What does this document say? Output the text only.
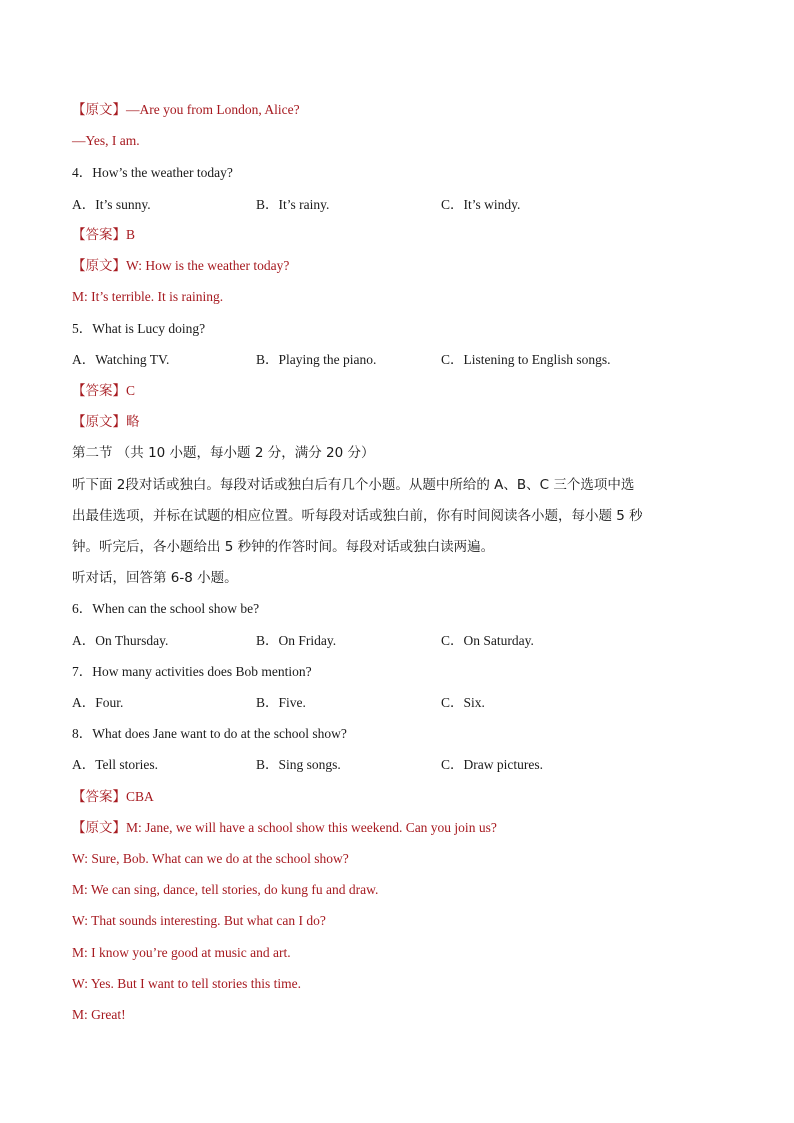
【原文】—Are you from London, Alice?
—Yes, I am.
4．How’s the weather today?
A．It’s sunny.	B．It’s rainy.	C．It’s windy.
【答案】B
【原文】W: How is the weather today?
M: It’s terrible. It is raining.
5．What is Lucy doing?
A．Watching TV.	B．Playing the piano.	C．Listening to English songs.
【答案】C
【原文】略
第二节 （共 10 小题，每小题 2 分，满分 20 分）
听下面 2段对话或独白。每段对话或独白后有几个小题。从题中所给的 A、B、C 三个选项中选
出最佳选项，并标在试题的相应位置。听每段对话或独白前，你有时间阅读各小题，每小题 5 秒
钟。听完后，各小题给出 5 秒钟的作答时间。每段对话或独白读两遍。
听对话，回答第 6-8 小题。
6．When can the school show be?
A．On Thursday.	B．On Friday.	C．On Saturday.
7．How many activities does Bob mention?
A．Four.	B．Five.	C．Six.
8．What does Jane want to do at the school show?
A．Tell stories.	B．Sing songs.	C．Draw pictures.
【答案】CBA
【原文】M: Jane, we will have a school show this weekend. Can you join us?
W: Sure, Bob. What can we do at the school show?
M: We can sing, dance, tell stories, do kung fu and draw.
W: That sounds interesting. But what can I do?
M: I know you’re good at music and art.
W: Yes. But I want to tell stories this time.
M: Great!
